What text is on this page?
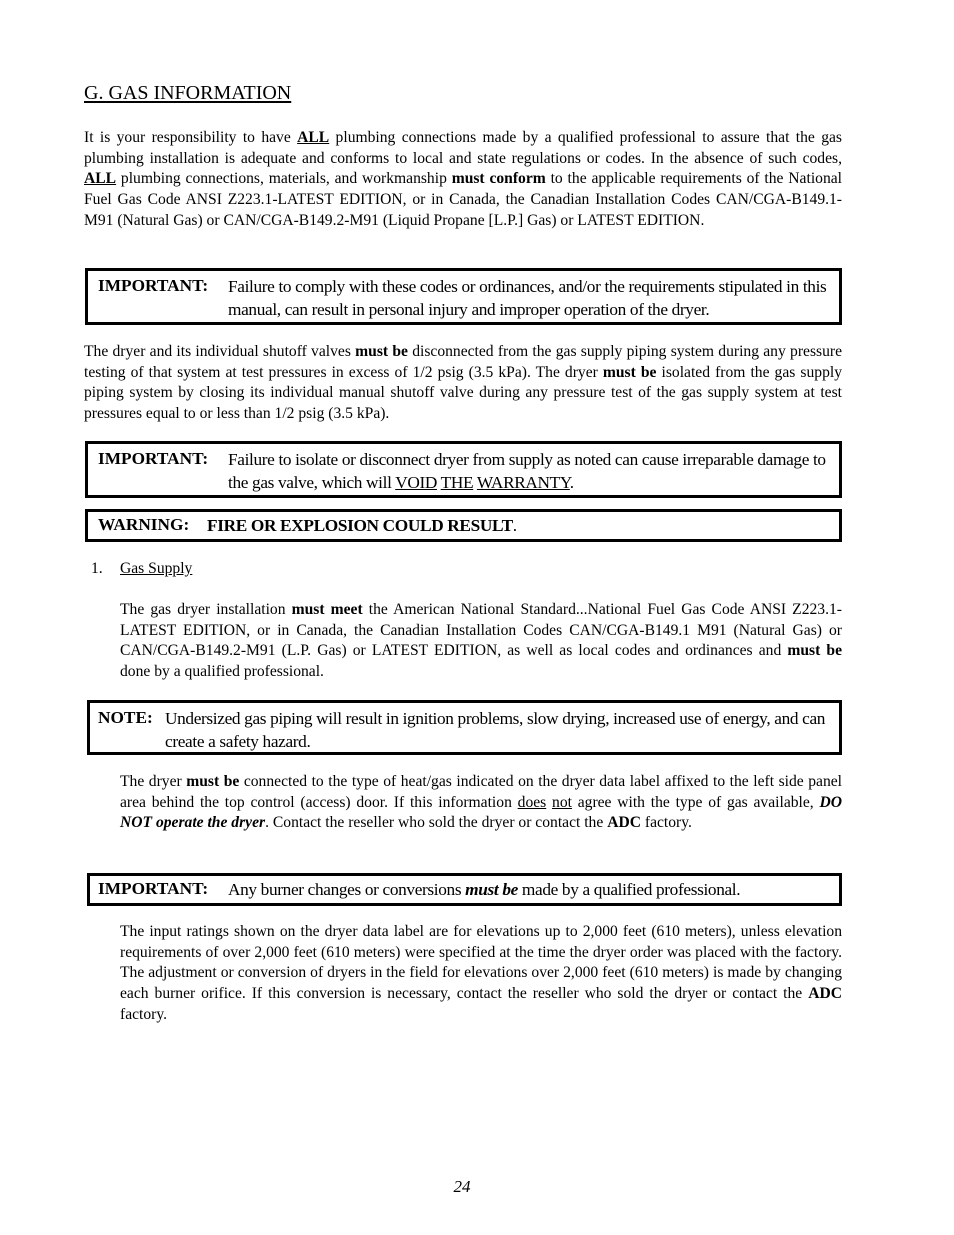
G. GAS INFORMATION

It is your responsibility to have ALL plumbing connections made by a qualified professional to assure that the gas plumbing installation is adequate and conforms to local and state regulations or codes. In the absence of such codes, ALL plumbing connections, materials, and workmanship must conform to the applicable requirements of the National Fuel Gas Code ANSI Z223.1-LATEST EDITION, or in Canada, the Canadian Installation Codes CAN/CGA-B149.1-M91 (Natural Gas) or CAN/CGA-B149.2-M91 (Liquid Propane [L.P.] Gas) or LATEST EDITION.

IMPORTANT: Failure to comply with these codes or ordinances, and/or the requirements stipulated in this manual, can result in personal injury and improper operation of the dryer.

The dryer and its individual shutoff valves must be disconnected from the gas supply piping system during any pressure testing of that system at test pressures in excess of 1/2 psig (3.5 kPa). The dryer must be isolated from the gas supply piping system by closing its individual manual shutoff valve during any pressure test of the gas supply system at test pressures equal to or less than 1/2 psig (3.5 kPa).

IMPORTANT: Failure to isolate or disconnect dryer from supply as noted can cause irreparable damage to the gas valve, which will VOID THE WARRANTY.
WARNING: FIRE OR EXPLOSION COULD RESULT.
1. Gas Supply

The gas dryer installation must meet the American National Standard...National Fuel Gas Code ANSI Z223.1-LATEST EDITION, or in Canada, the Canadian Installation Codes CAN/CGA-B149.1 M91 (Natural Gas) or CAN/CGA-B149.2-M91 (L.P. Gas) or LATEST EDITION, as well as local codes and ordinances and must be done by a qualified professional.

NOTE: Undersized gas piping will result in ignition problems, slow drying, increased use of energy, and can create a safety hazard.

The dryer must be connected to the type of heat/gas indicated on the dryer data label affixed to the left side panel area behind the top control (access) door. If this information does not agree with the type of gas available, DO NOT operate the dryer. Contact the reseller who sold the dryer or contact the ADC factory.

IMPORTANT: Any burner changes or conversions must be made by a qualified professional.

The input ratings shown on the dryer data label are for elevations up to 2,000 feet (610 meters), unless elevation requirements of over 2,000 feet (610 meters) were specified at the time the dryer order was placed with the factory. The adjustment or conversion of dryers in the field for elevations over 2,000 feet (610 meters) is made by changing each burner orifice. If this conversion is necessary, contact the reseller who sold the dryer or contact the ADC factory.

24
